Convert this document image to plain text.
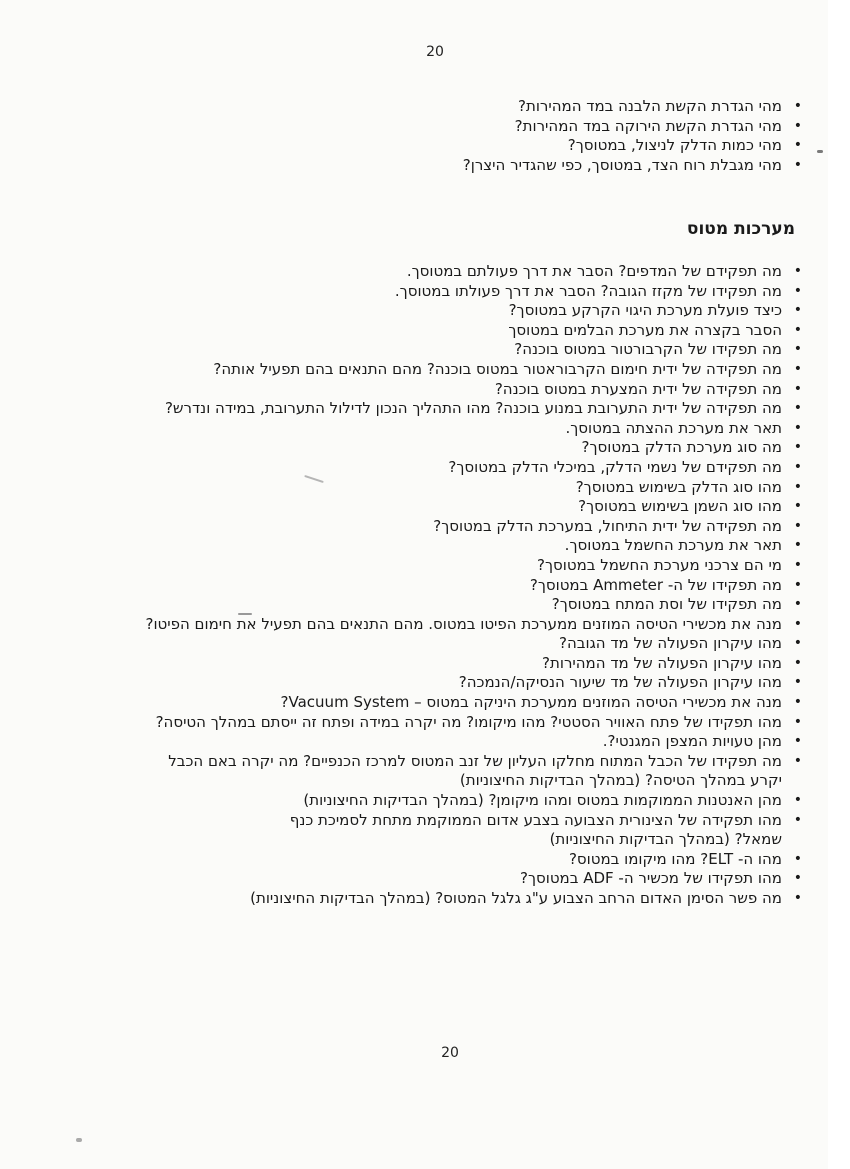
20
• מהי הגדרת הקשת הלבנה במד המהירות?
• מהי הגדרת הקשת הירוקה במד המהירות?
• מהי כמות הדלק לניצול, במטוסך?
• מהי מגבלת רוח הצד, במטוסך, כפי שהגדיר היצרן?
מערכות מטוס
• מה תפקידם של המדפים? הסבר את דרך פעולתם במטוסך.
• מה תפקידו של מקזז הגובה? הסבר את דרך פעולתו במטוסך.
• כיצד פועלת מערכת היגוי הקרקע במטוסך?
• הסבר בקצרה את מערכת הבלמים במטוסך
• מה תפקידו של הקרבורטור במטוס בוכנה?
• מה תפקידה של ידית חימום הקרבוראטור במטוס בוכנה? מהם התנאים בהם תפעיל אותה?
• מה תפקידה של ידית המצערת במטוס בוכנה?
• מה תפקידה של ידית התערובת במנוע בוכנה? מהו התהליך הנכון לדילול התערובת, במידה ונדרש?
• תאר את מערכת ההצתה במטוסך.
• מה סוג מערכת הדלק במטוסך?
• מה תפקידם של נשמי הדלק, במיכלי הדלק במטוסך?
• מהו סוג הדלק בשימוש במטוסך?
• מהו סוג השמן בשימוש במטוסך?
• מה תפקידה של ידית התיחול, במערכת הדלק במטוסך?
• תאר את מערכת החשמל במטוסך.
• מי הם צרכני מערכת החשמל במטוסך?
• מה תפקידו של ה- Ammeter במטוסך?
• מה תפקידו של וסת המתח במטוסך?
• מנה את מכשירי הטיסה המוזנים ממערכת הפיטו במטוס. מהם התנאים בהם תפעיל את חימום הפיטו?
• מהו עיקרון הפעולה של מד הגובה?
• מהו עיקרון הפעולה של מד המהירות?
• מהו עיקרון הפעולה של מד שיעור הנסיקה/הנמכה?
• מנה את מכשירי הטיסה המוזנים ממערכת היניקה במטוס – Vacuum System?
• מהו תפקידו של פתח האוויר הסטטי? מהו מיקומו? מה יקרה במידה ופתח זה ייסתם במהלך הטיסה?
• מהן טעויות המצפן המגנטי?.
• מה תפקידו של הכבל המתוח מחלקו העליון של זנב המטוס למרכז הכנפיים? מה יקרה באם הכבל יקרע במהלך הטיסה? (במהלך הבדיקות החיצוניות)
• מהן האנטנות הממוקמות במטוס ומהו מיקומן? (במהלך הבדיקות החיצוניות)
• מהו תפקידה של הצינורית הצבועה בצבע אדום הממוקמת מתחת לסמיכת כנף שמאל? (במהלך הבדיקות החיצוניות)
• מהו ה- ELT? מהו מיקומו במטוס?
• מהו תפקידו של מכשיר ה- ADF במטוסך?
• מה פשר הסימן האדום הרחב הצבוע ע"ג גלגל המטוס? (במהלך הבדיקות החיצוניות)
20
